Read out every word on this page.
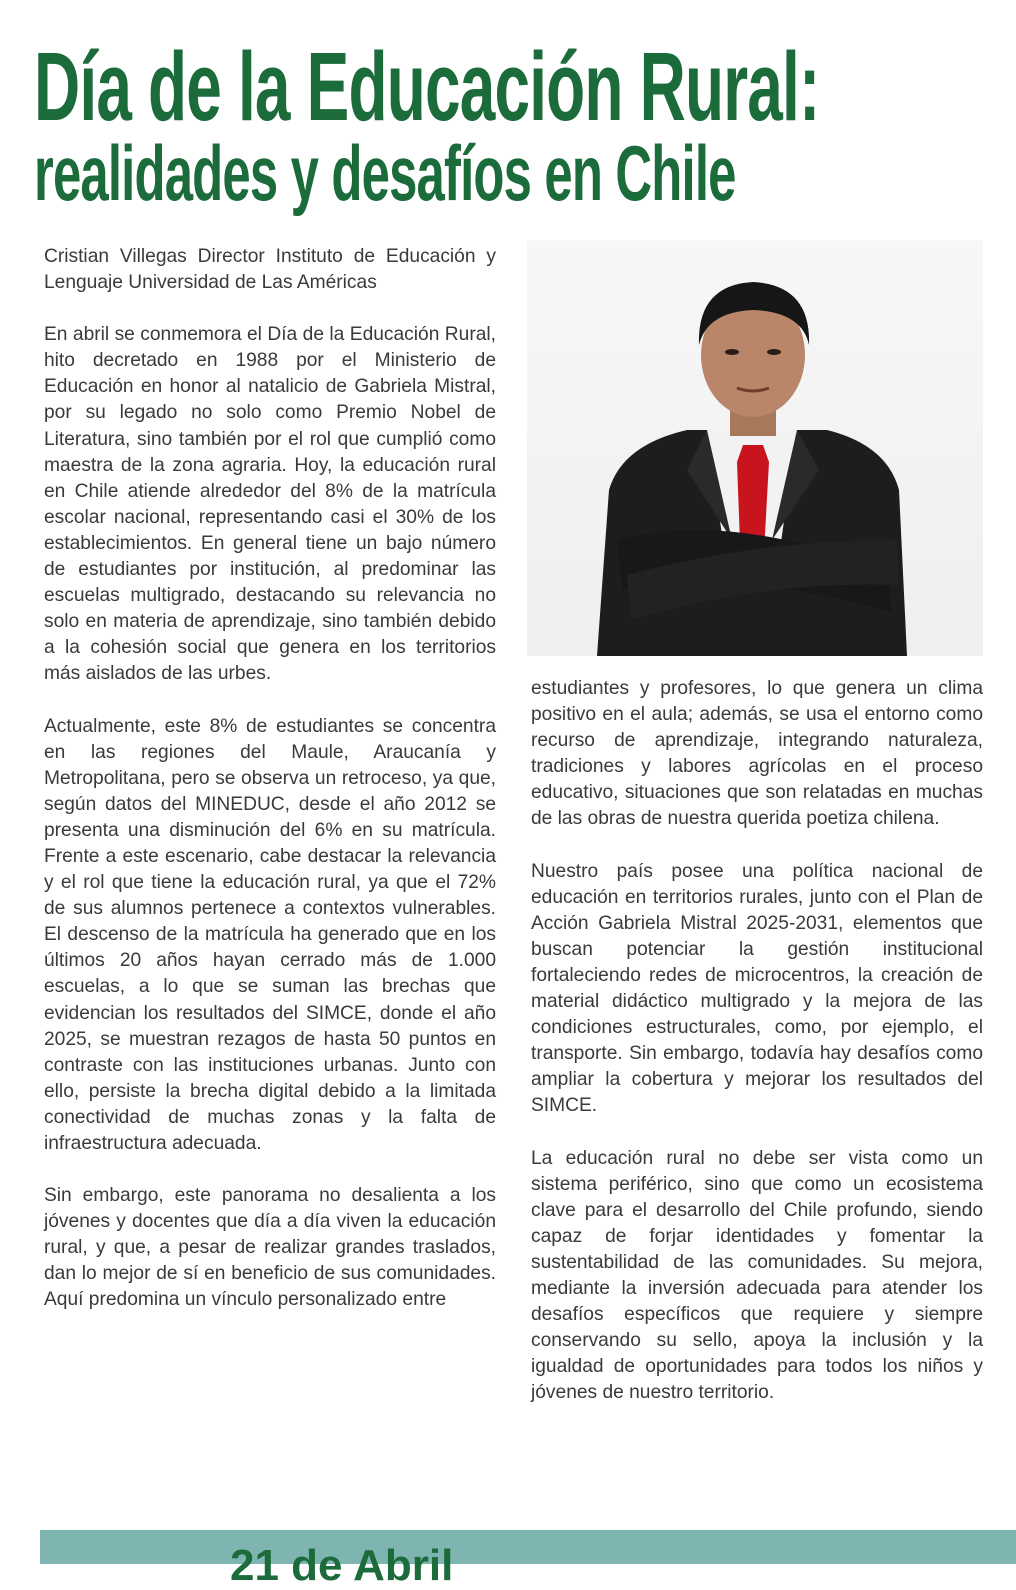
Día de la Educación Rural:
realidades y desafíos en Chile

Cristian Villegas Director Instituto de Educación y Lenguaje Universidad de Las Américas

En abril se conmemora el Día de la Educación Rural, hito decretado en 1988 por el Ministerio de Educación en honor al natalicio de Gabriela Mistral, por su legado no solo como Premio Nobel de Literatura, sino también por el rol que cumplió como maestra de la zona agraria. Hoy, la educación rural en Chile atiende alrededor del 8% de la matrícula escolar nacional, representando casi el 30% de los establecimientos. En general tiene un bajo número de estudiantes por institución, al predominar las escuelas multigrado, destacando su relevancia no solo en materia de aprendizaje, sino también debido a la cohesión social que genera en los territorios más aislados de las urbes.

Actualmente, este 8% de estudiantes se concentra en las regiones del Maule, Araucanía y Metropolitana, pero se observa un retroceso, ya que, según datos del MINEDUC, desde el año 2012 se presenta una disminución del 6% en su matrícula. Frente a este escenario, cabe destacar la relevancia y el rol que tiene la educación rural, ya que el 72% de sus alumnos pertenece a contextos vulnerables. El descenso de la matrícula ha generado que en los últimos 20 años hayan cerrado más de 1.000 escuelas, a lo que se suman las brechas que evidencian los resultados del SIMCE, donde el año 2025, se muestran rezagos de hasta 50 puntos en contraste con las instituciones urbanas. Junto con ello, persiste la brecha digital debido a la limitada conectividad de muchas zonas y la falta de infraestructura adecuada.

Sin embargo, este panorama no desalienta a los jóvenes y docentes que día a día viven la educación rural, y que, a pesar de realizar grandes traslados, dan lo mejor de sí en beneficio de sus comunidades. Aquí predomina un vínculo personalizado entre

estudiantes y profesores, lo que genera un clima positivo en el aula; además, se usa el entorno como recurso de aprendizaje, integrando naturaleza, tradiciones y labores agrícolas en el proceso educativo, situaciones que son relatadas en muchas de las obras de nuestra querida poetiza chilena.

Nuestro país posee una política nacional de educación en territorios rurales, junto con el Plan de Acción Gabriela Mistral 2025-2031, elementos que buscan potenciar la gestión institucional fortaleciendo redes de microcentros, la creación de material didáctico multigrado y la mejora de las condiciones estructurales, como, por ejemplo, el transporte. Sin embargo, todavía hay desafíos como ampliar la cobertura y mejorar los resultados del SIMCE.

La educación rural no debe ser vista como un sistema periférico, sino que como un ecosistema clave para el desarrollo del Chile profundo, siendo capaz de forjar identidades y fomentar la sustentabilidad de las comunidades. Su mejora, mediante la inversión adecuada para atender los desafíos específicos que requiere y siempre conservando su sello, apoya la inclusión y la igualdad de oportunidades para todos los niños y jóvenes de nuestro territorio.

21 de Abril
